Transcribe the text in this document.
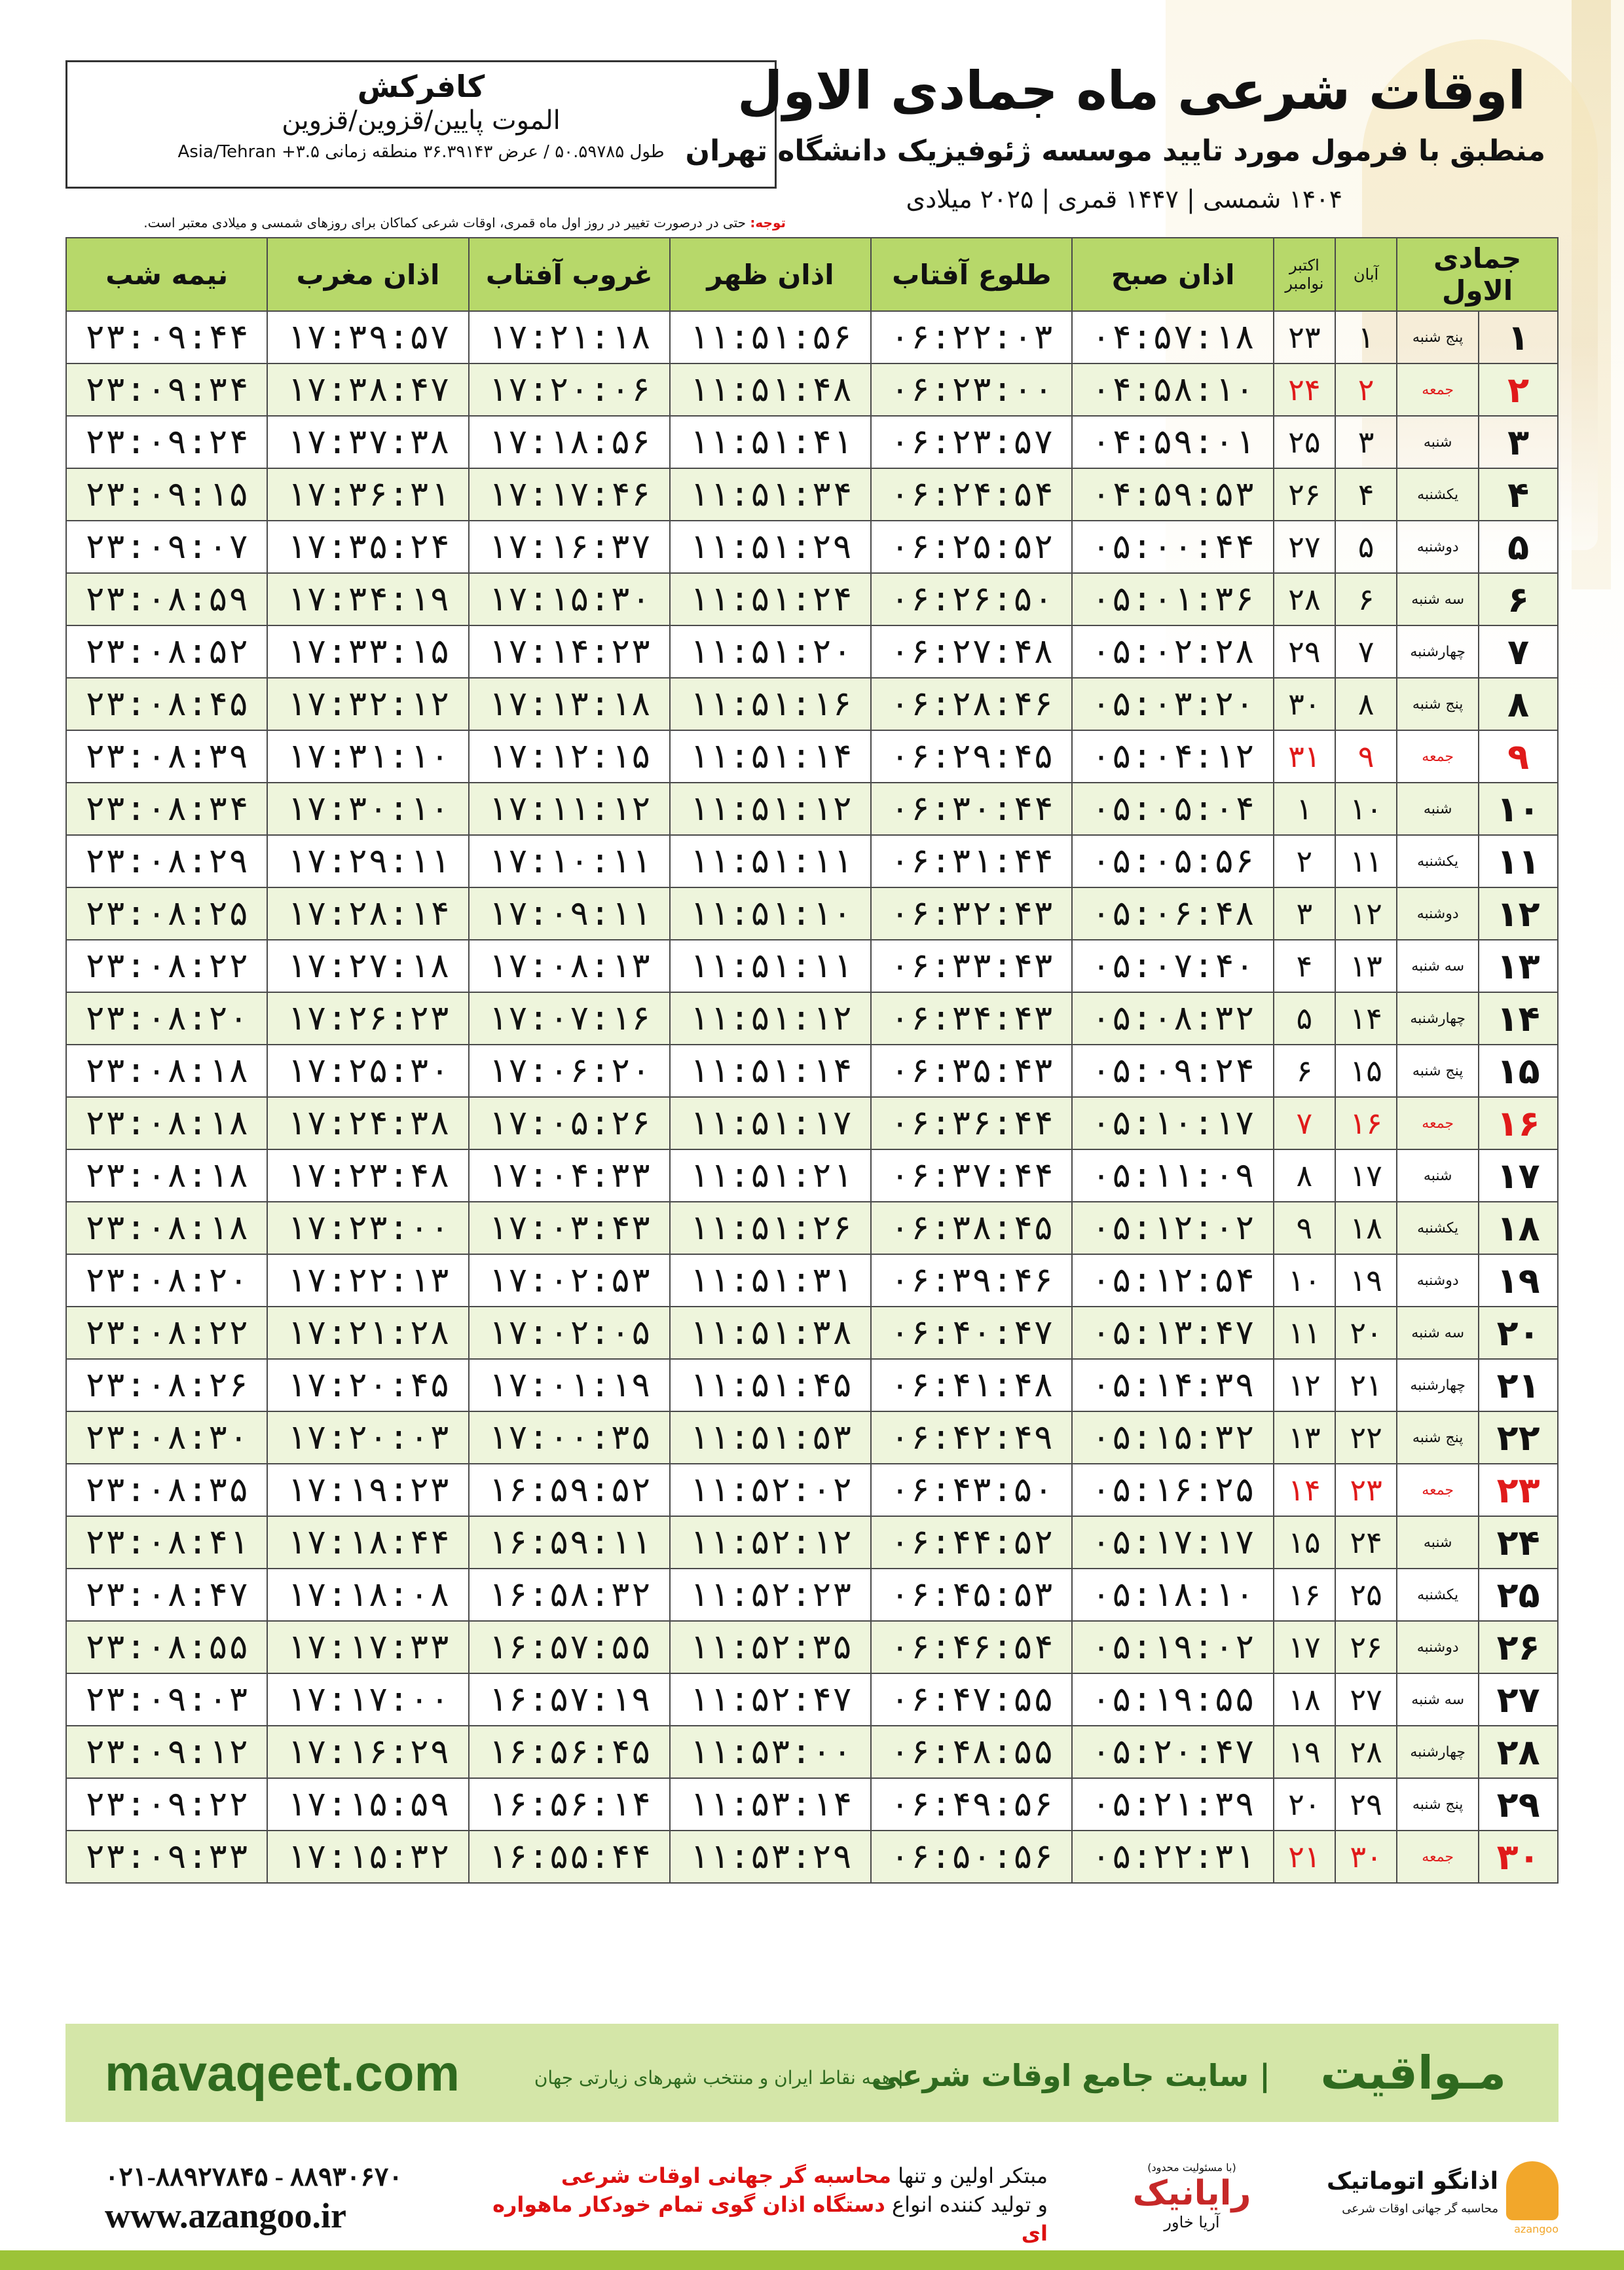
کافرکش
الموت پایین/قزوین/قزوین
طول ۵۰.۵۹۷۸۵ / عرض ۳۶.۳۹۱۴۳ منطقه زمانی ۳.۵+ Asia/Tehran
اوقات شرعی ماه جمادی الاول
منطبق با فرمول مورد تایید موسسه ژئوفیزیک دانشگاه تهران
۱۴۰۴ شمسی | ۱۴۴۷ قمری | ۲۰۲۵ میلادی
توجه: حتی در درصورت تغییر در روز اول ماه قمری، اوقات شرعی کماکان برای روزهای شمسی و میلادی معتبر است.
جمادی الاول		آبان	اکتبر نوامبر	اذان صبح	طلوع آفتاب	اذان ظهر	غروب آفتاب	اذان مغرب	نیمه شب
۱	پنج شنبه	۱	۲۳	۰۴:۵۷:۱۸	۰۶:۲۲:۰۳	۱۱:۵۱:۵۶	۱۷:۲۱:۱۸	۱۷:۳۹:۵۷	۲۳:۰۹:۴۴
۲	جمعه	۲	۲۴	۰۴:۵۸:۱۰	۰۶:۲۳:۰۰	۱۱:۵۱:۴۸	۱۷:۲۰:۰۶	۱۷:۳۸:۴۷	۲۳:۰۹:۳۴
۳	شنبه	۳	۲۵	۰۴:۵۹:۰۱	۰۶:۲۳:۵۷	۱۱:۵۱:۴۱	۱۷:۱۸:۵۶	۱۷:۳۷:۳۸	۲۳:۰۹:۲۴
۴	یکشنبه	۴	۲۶	۰۴:۵۹:۵۳	۰۶:۲۴:۵۴	۱۱:۵۱:۳۴	۱۷:۱۷:۴۶	۱۷:۳۶:۳۱	۲۳:۰۹:۱۵
۵	دوشنبه	۵	۲۷	۰۵:۰۰:۴۴	۰۶:۲۵:۵۲	۱۱:۵۱:۲۹	۱۷:۱۶:۳۷	۱۷:۳۵:۲۴	۲۳:۰۹:۰۷
۶	سه شنبه	۶	۲۸	۰۵:۰۱:۳۶	۰۶:۲۶:۵۰	۱۱:۵۱:۲۴	۱۷:۱۵:۳۰	۱۷:۳۴:۱۹	۲۳:۰۸:۵۹
۷	چهارشنبه	۷	۲۹	۰۵:۰۲:۲۸	۰۶:۲۷:۴۸	۱۱:۵۱:۲۰	۱۷:۱۴:۲۳	۱۷:۳۳:۱۵	۲۳:۰۸:۵۲
۸	پنج شنبه	۸	۳۰	۰۵:۰۳:۲۰	۰۶:۲۸:۴۶	۱۱:۵۱:۱۶	۱۷:۱۳:۱۸	۱۷:۳۲:۱۲	۲۳:۰۸:۴۵
۹	جمعه	۹	۳۱	۰۵:۰۴:۱۲	۰۶:۲۹:۴۵	۱۱:۵۱:۱۴	۱۷:۱۲:۱۵	۱۷:۳۱:۱۰	۲۳:۰۸:۳۹
۱۰	شنبه	۱۰	۱	۰۵:۰۵:۰۴	۰۶:۳۰:۴۴	۱۱:۵۱:۱۲	۱۷:۱۱:۱۲	۱۷:۳۰:۱۰	۲۳:۰۸:۳۴
۱۱	یکشنبه	۱۱	۲	۰۵:۰۵:۵۶	۰۶:۳۱:۴۴	۱۱:۵۱:۱۱	۱۷:۱۰:۱۱	۱۷:۲۹:۱۱	۲۳:۰۸:۲۹
۱۲	دوشنبه	۱۲	۳	۰۵:۰۶:۴۸	۰۶:۳۲:۴۳	۱۱:۵۱:۱۰	۱۷:۰۹:۱۱	۱۷:۲۸:۱۴	۲۳:۰۸:۲۵
۱۳	سه شنبه	۱۳	۴	۰۵:۰۷:۴۰	۰۶:۳۳:۴۳	۱۱:۵۱:۱۱	۱۷:۰۸:۱۳	۱۷:۲۷:۱۸	۲۳:۰۸:۲۲
۱۴	چهارشنبه	۱۴	۵	۰۵:۰۸:۳۲	۰۶:۳۴:۴۳	۱۱:۵۱:۱۲	۱۷:۰۷:۱۶	۱۷:۲۶:۲۳	۲۳:۰۸:۲۰
۱۵	پنج شنبه	۱۵	۶	۰۵:۰۹:۲۴	۰۶:۳۵:۴۳	۱۱:۵۱:۱۴	۱۷:۰۶:۲۰	۱۷:۲۵:۳۰	۲۳:۰۸:۱۸
۱۶	جمعه	۱۶	۷	۰۵:۱۰:۱۷	۰۶:۳۶:۴۴	۱۱:۵۱:۱۷	۱۷:۰۵:۲۶	۱۷:۲۴:۳۸	۲۳:۰۸:۱۸
۱۷	شنبه	۱۷	۸	۰۵:۱۱:۰۹	۰۶:۳۷:۴۴	۱۱:۵۱:۲۱	۱۷:۰۴:۳۳	۱۷:۲۳:۴۸	۲۳:۰۸:۱۸
۱۸	یکشنبه	۱۸	۹	۰۵:۱۲:۰۲	۰۶:۳۸:۴۵	۱۱:۵۱:۲۶	۱۷:۰۳:۴۳	۱۷:۲۳:۰۰	۲۳:۰۸:۱۸
۱۹	دوشنبه	۱۹	۱۰	۰۵:۱۲:۵۴	۰۶:۳۹:۴۶	۱۱:۵۱:۳۱	۱۷:۰۲:۵۳	۱۷:۲۲:۱۳	۲۳:۰۸:۲۰
۲۰	سه شنبه	۲۰	۱۱	۰۵:۱۳:۴۷	۰۶:۴۰:۴۷	۱۱:۵۱:۳۸	۱۷:۰۲:۰۵	۱۷:۲۱:۲۸	۲۳:۰۸:۲۲
۲۱	چهارشنبه	۲۱	۱۲	۰۵:۱۴:۳۹	۰۶:۴۱:۴۸	۱۱:۵۱:۴۵	۱۷:۰۱:۱۹	۱۷:۲۰:۴۵	۲۳:۰۸:۲۶
۲۲	پنج شنبه	۲۲	۱۳	۰۵:۱۵:۳۲	۰۶:۴۲:۴۹	۱۱:۵۱:۵۳	۱۷:۰۰:۳۵	۱۷:۲۰:۰۳	۲۳:۰۸:۳۰
۲۳	جمعه	۲۳	۱۴	۰۵:۱۶:۲۵	۰۶:۴۳:۵۰	۱۱:۵۲:۰۲	۱۶:۵۹:۵۲	۱۷:۱۹:۲۳	۲۳:۰۸:۳۵
۲۴	شنبه	۲۴	۱۵	۰۵:۱۷:۱۷	۰۶:۴۴:۵۲	۱۱:۵۲:۱۲	۱۶:۵۹:۱۱	۱۷:۱۸:۴۴	۲۳:۰۸:۴۱
۲۵	یکشنبه	۲۵	۱۶	۰۵:۱۸:۱۰	۰۶:۴۵:۵۳	۱۱:۵۲:۲۳	۱۶:۵۸:۳۲	۱۷:۱۸:۰۸	۲۳:۰۸:۴۷
۲۶	دوشنبه	۲۶	۱۷	۰۵:۱۹:۰۲	۰۶:۴۶:۵۴	۱۱:۵۲:۳۵	۱۶:۵۷:۵۵	۱۷:۱۷:۳۳	۲۳:۰۸:۵۵
۲۷	سه شنبه	۲۷	۱۸	۰۵:۱۹:۵۵	۰۶:۴۷:۵۵	۱۱:۵۲:۴۷	۱۶:۵۷:۱۹	۱۷:۱۷:۰۰	۲۳:۰۹:۰۳
۲۸	چهارشنبه	۲۸	۱۹	۰۵:۲۰:۴۷	۰۶:۴۸:۵۵	۱۱:۵۳:۰۰	۱۶:۵۶:۴۵	۱۷:۱۶:۲۹	۲۳:۰۹:۱۲
۲۹	پنج شنبه	۲۹	۲۰	۰۵:۲۱:۳۹	۰۶:۴۹:۵۶	۱۱:۵۳:۱۴	۱۶:۵۶:۱۴	۱۷:۱۵:۵۹	۲۳:۰۹:۲۲
۳۰	جمعه	۳۰	۲۱	۰۵:۲۲:۳۱	۰۶:۵۰:۵۶	۱۱:۵۳:۲۹	۱۶:۵۵:۴۴	۱۷:۱۵:۳۲	۲۳:۰۹:۳۳
mavaqeet.com	مـواقیت
| سایت جامع اوقات شرعی
| همه نقاط ایران و منتخب شهرهای زیارتی جهان
۰۲۱-۸۸۹۲۷۸۴۵ - ۸۸۹۳۰۶۷۰
www.azangoo.ir
مبتکر اولین و تنها محاسبه گر جهانی اوقات شرعی
و تولید کننده انواع دستگاه اذان گوی تمام خودکار ماهواره ای
(با مسئولیت محدود)
رایانیک
آریا خاور
اذانگو اتوماتیک
محاسبه گر جهانی اوقات شرعی
azangoo
